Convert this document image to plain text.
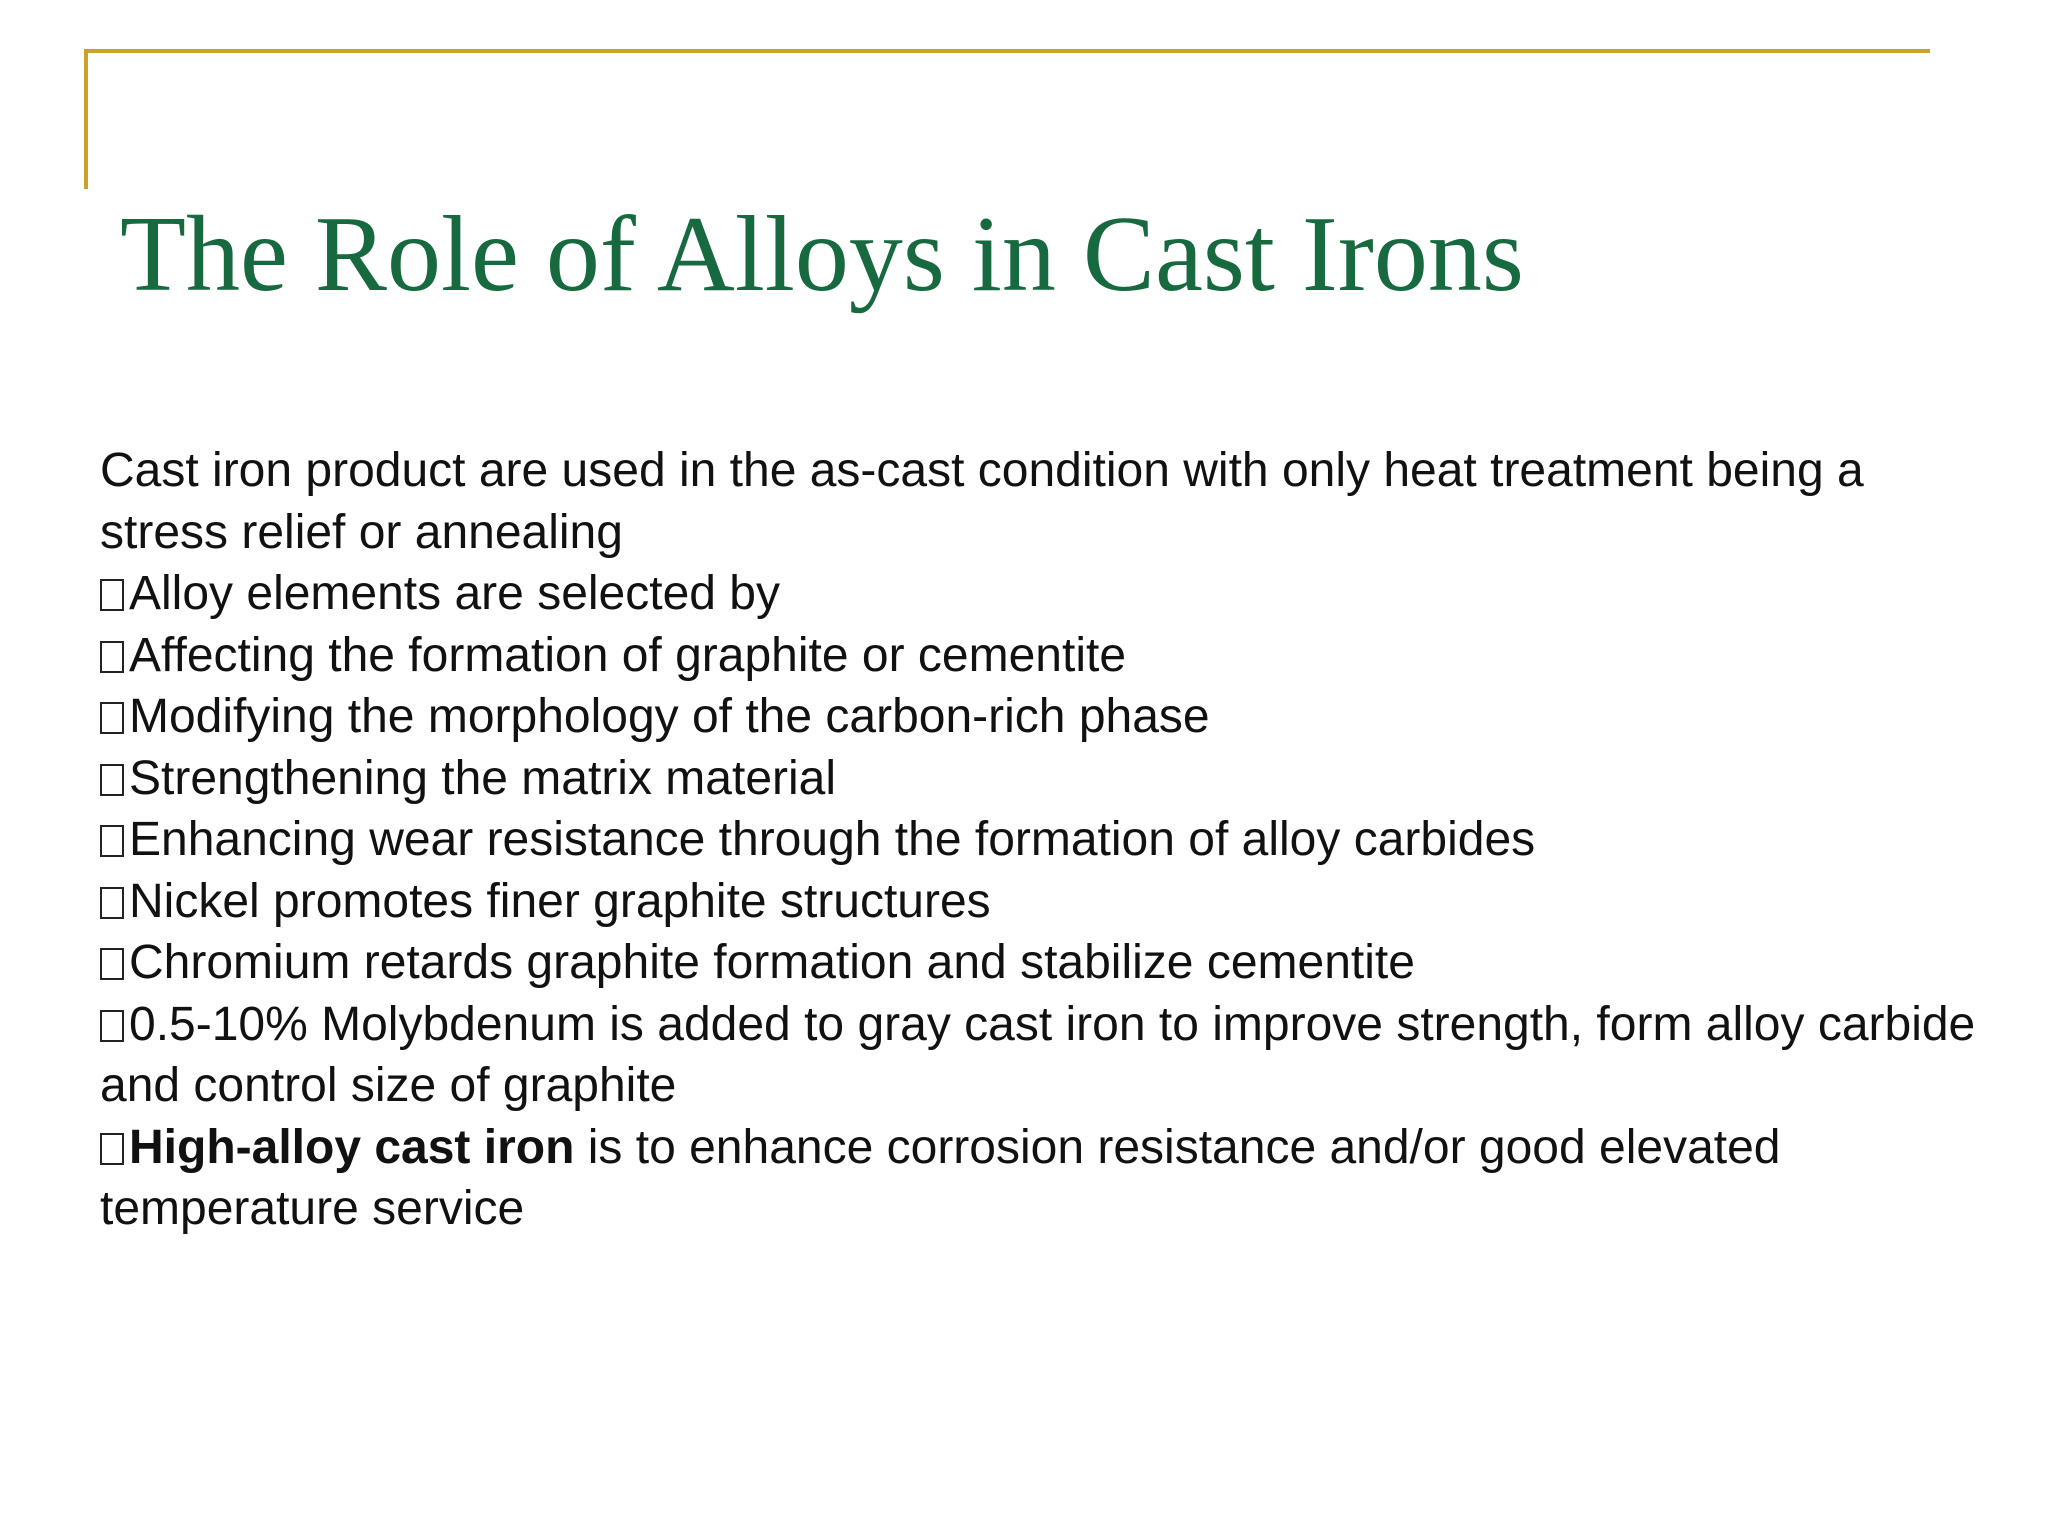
The Role of Alloys in Cast Irons

Cast iron product are used in the as-cast condition with only heat treatment being a stress relief or annealing

Alloy elements are selected by

Affecting the formation of graphite or cementite

Modifying the morphology of the carbon-rich phase

Strengthening the matrix material

Enhancing wear resistance through the formation of alloy carbides

Nickel promotes finer graphite structures

Chromium retards graphite formation and stabilize cementite

0.5-10% Molybdenum is added to gray cast iron to improve strength, form alloy carbide and control size of graphite

High-alloy cast iron is to enhance corrosion resistance and/or good elevated temperature service
